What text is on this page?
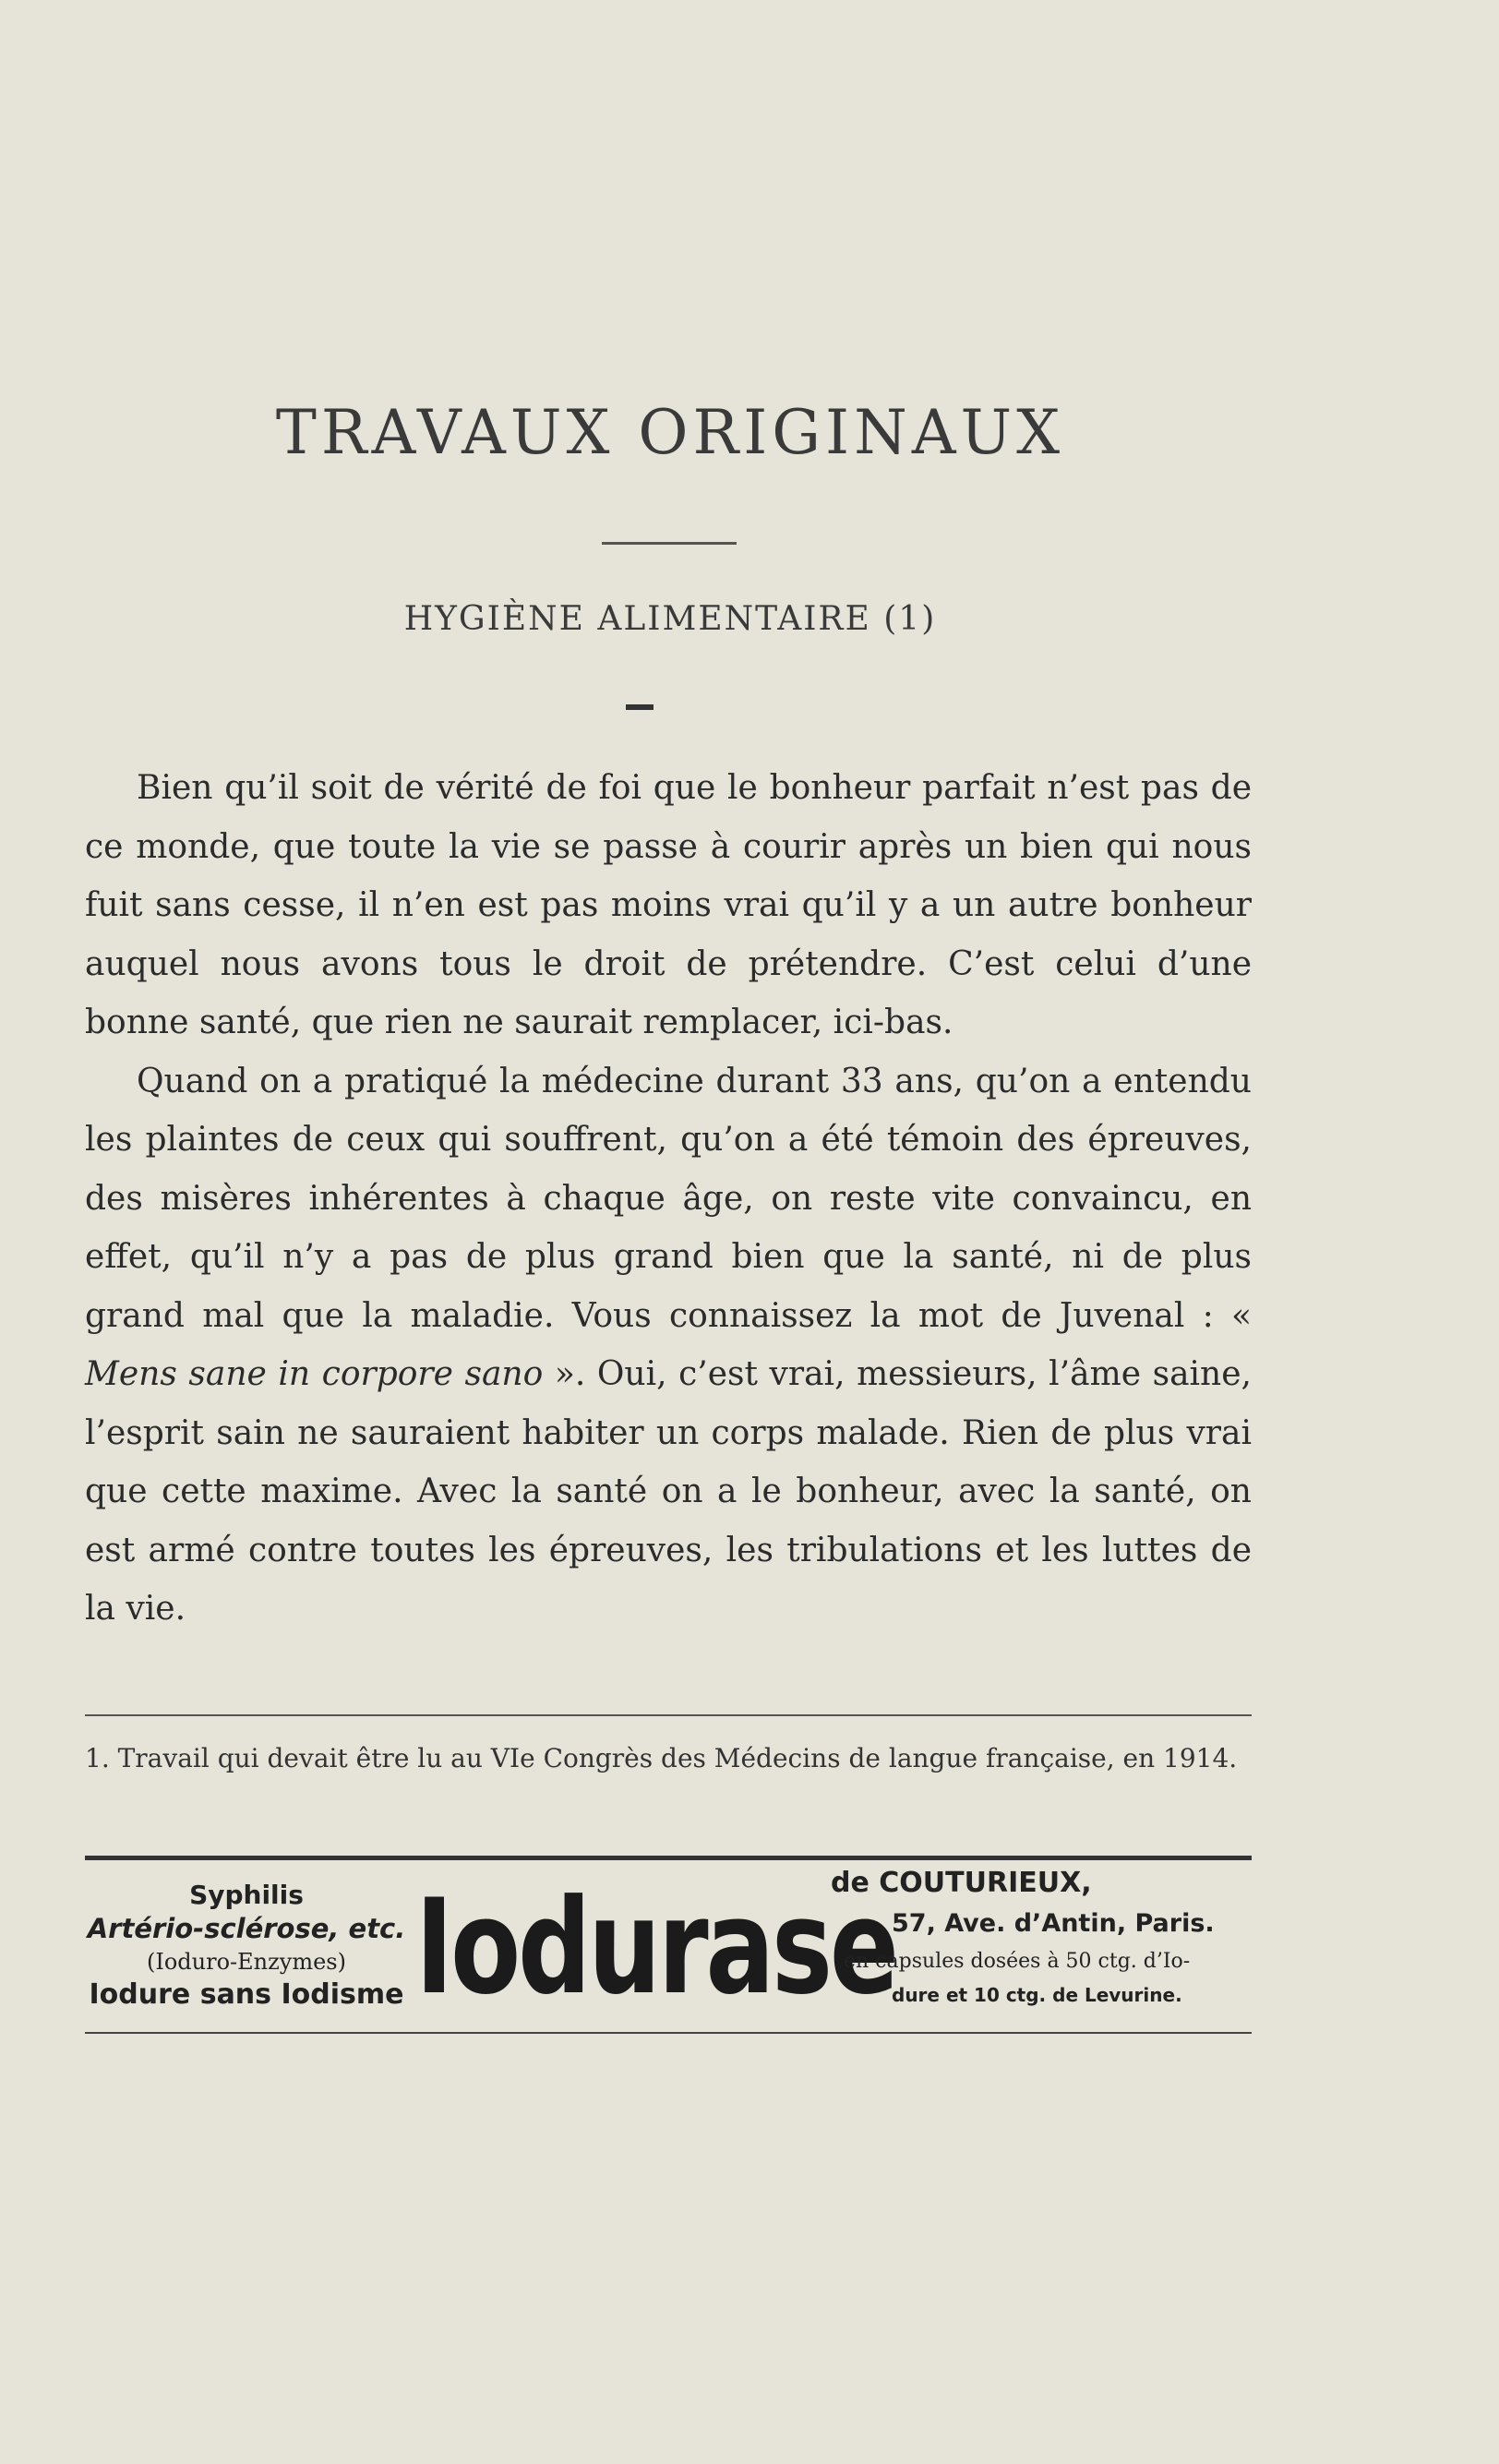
TRAVAUX ORIGINAUX
HYGIÈNE ALIMENTAIRE (1)

Bien qu’il soit de vérité de foi que le bonheur parfait n’est pas de ce monde, que toute la vie se passe à courir après un bien qui nous fuit sans cesse, il n’en est pas moins vrai qu’il y a un autre bonheur auquel nous avons tous le droit de prétendre. C’est celui d’une bonne santé, que rien ne saurait remplacer, ici-bas.

Quand on a pratiqué la médecine durant 33 ans, qu’on a entendu les plaintes de ceux qui souffrent, qu’on a été témoin des épreuves, des misères inhérentes à chaque âge, on reste vite convaincu, en effet, qu’il n’y a pas de plus grand bien que la santé, ni de plus grand mal que la maladie. Vous connaissez la mot de Juvenal : « Mens sane in corpore sano ». Oui, c’est vrai, messieurs, l’âme saine, l’esprit sain ne sauraient habiter un corps malade. Rien de plus vrai que cette maxime. Avec la santé on a le bonheur, avec la santé, on est armé contre toutes les épreuves, les tribulations et les luttes de la vie.

1. Travail qui devait être lu au VIe Congrès des Médecins de langue française, en 1914.
Syphilis
Artério-sclérose, etc.
(Ioduro-Enzymes)
Iodure sans Iodisme Iodurase
de COUTURIEUX,
57, Ave. d’Antin, Paris.
en capsules dosées à 50 ctg. d’Io-
dure et 10 ctg. de Levurine.
